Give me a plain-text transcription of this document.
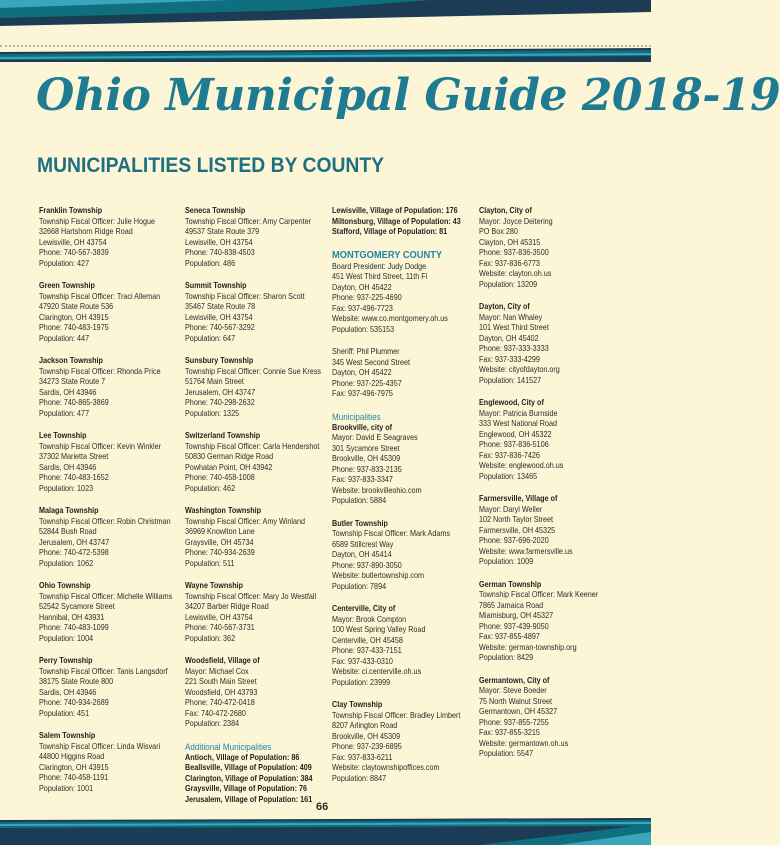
Ohio Municipal Guide 2018-19
MUNICIPALITIES LISTED BY COUNTY
Franklin Township
Township Fiscal Officer: Julie Hogue
32668 Hartshorn Ridge Road
Lewisville, OH 43754
Phone: 740-567-3839
Population: 427
Green Township
Township Fiscal Officer: Traci Alleman
47920 State Route 536
Clarington, OH 43915
Phone: 740-483-1975
Population: 447
Jackson Township
Township Fiscal Officer: Rhonda Price
34273 State Route 7
Sardis, OH 43946
Phone: 740-865-3869
Population: 477
Lee Township
Township Fiscal Officer: Kevin Winkler
37302 Marietta Street
Sardis, OH 43946
Phone: 740-483-1652
Population: 1023
Malaga Township
Township Fiscal Officer: Robin Christman
52844 Bush Road
Jerusalem, OH 43747
Phone: 740-472-5398
Population: 1062
Ohio Township
Township Fiscal Officer: Michelle Williams
52542 Sycamore Street
Hannibal, OH 43931
Phone: 740-483-1099
Population: 1004
Perry Township
Township Fiscal Officer: Tanis Langsdorf
38175 State Route 800
Sardis, OH 43946
Phone: 740-934-2689
Population: 451
Salem Township
Township Fiscal Officer: Linda Wisvari
44800 Higgins Road
Clarington, OH 43915
Phone: 740-458-1191
Population: 1001
Seneca Township
Township Fiscal Officer: Amy Carpenter
49537 State Route 379
Lewisville, OH 43754
Phone: 740-838-4503
Population: 486
Summit Township
Township Fiscal Officer: Sharon Scott
35467 State Route 78
Lewisville, OH 43754
Phone: 740-567-3292
Population: 647
Sunsbury Township
Township Fiscal Officer: Connie Sue Kress
51764 Main Street
Jerusalem, OH 43747
Phone: 740-298-2632
Population: 1325
Switzerland Township
Township Fiscal Officer: Carla Hendershot
50830 German Ridge Road
Powhatan Point, OH 43942
Phone: 740-458-1008
Population: 462
Washington Township
Township Fiscal Officer: Amy Winland
36969 Knowlton Lane
Graysville, OH 45734
Phone: 740-934-2639
Population: 511
Wayne Township
Township Fiscal Officer: Mary Jo Westfall
34207 Barber Ridge Road
Lewisville, OH 43754
Phone: 740-567-3731
Population: 362
Woodsfield, Village of
Mayor: Michael Cox
221 South Main Street
Woodsfield, OH 43793
Phone: 740-472-0418
Fax: 740-472-2680
Population: 2384
Additional Municipalities
Antioch, Village of Population: 86
Beallsville, Village of Population: 409
Clarington, Village of Population: 384
Graysville, Village of Population: 76
Jerusalem, Village of Population: 161
Lewisville, Village of Population: 176
Miltonsburg, Village of Population: 43
Stafford, Village of Population: 81
MONTGOMERY COUNTY
Board President: Judy Dodge
451 West Third Street, 11th Fl
Dayton, OH 45422
Phone: 937-225-4690
Fax: 937-496-7723
Website: www.co.montgomery.oh.us
Population: 535153
Sheriff: Phil Plummer
345 West Second Street
Dayton, OH 45422
Phone: 937-225-4357
Fax: 937-496-7975
Municipalities
Brookville, city of
Mayor: David E Seagraves
301 Sycamore Street
Brookville, OH 45309
Phone: 937-833-2135
Fax: 937-833-3347
Website: brookvilleohio.com
Population: 5884
Butler Township
Township Fiscal Officer: Mark Adams
6589 Stillcrest Way
Dayton, OH 45414
Phone: 937-890-3050
Website: butlertownship.com
Population: 7894
Centerville, City of
Mayor: Brook Compton
100 West Spring Valley Road
Centerville, OH 45458
Phone: 937-433-7151
Fax: 937-433-0310
Website: ci.centerville.oh.us
Population: 23999
Clay Township
Township Fiscal Officer: Bradley Limbert
8207 Arlington Road
Brookville, OH 45309
Phone: 937-239-6895
Fax: 937-833-6211
Website: claytownshipoffices.com
Population: 8847
Clayton, City of
Mayor: Joyce Deitering
PO Box 280
Clayton, OH 45315
Phone: 937-836-3500
Fax: 937-836-6773
Website: clayton.oh.us
Population: 13209
Dayton, City of
Mayor: Nan Whaley
101 West Third Street
Dayton, OH 45402
Phone: 937-333-3333
Fax: 937-333-4299
Website: cityofdayton.org
Population: 141527
Englewood, City of
Mayor: Patricia Burnside
333 West National Road
Englewood, OH 45322
Phone: 937-836-5106
Fax: 937-836-7426
Website: englewood.oh.us
Population: 13465
Farmersville, Village of
Mayor: Daryl Weller
102 North Taylor Street
Farmersville, OH 45325
Phone: 937-696-2020
Website: www.farmersville.us
Population: 1009
German Township
Township Fiscal Officer: Mark Keener
7865 Jamaica Road
Miamisburg, OH 45327
Phone: 937-439-9050
Fax: 937-855-4897
Website: german-township.org
Population: 8429
Germantown, City of
Mayor: Steve Boeder
75 North Walnut Street
Germantown, OH 45327
Phone: 937-855-7255
Fax: 937-855-3215
Website: germantown.oh.us
Population: 5547
66
